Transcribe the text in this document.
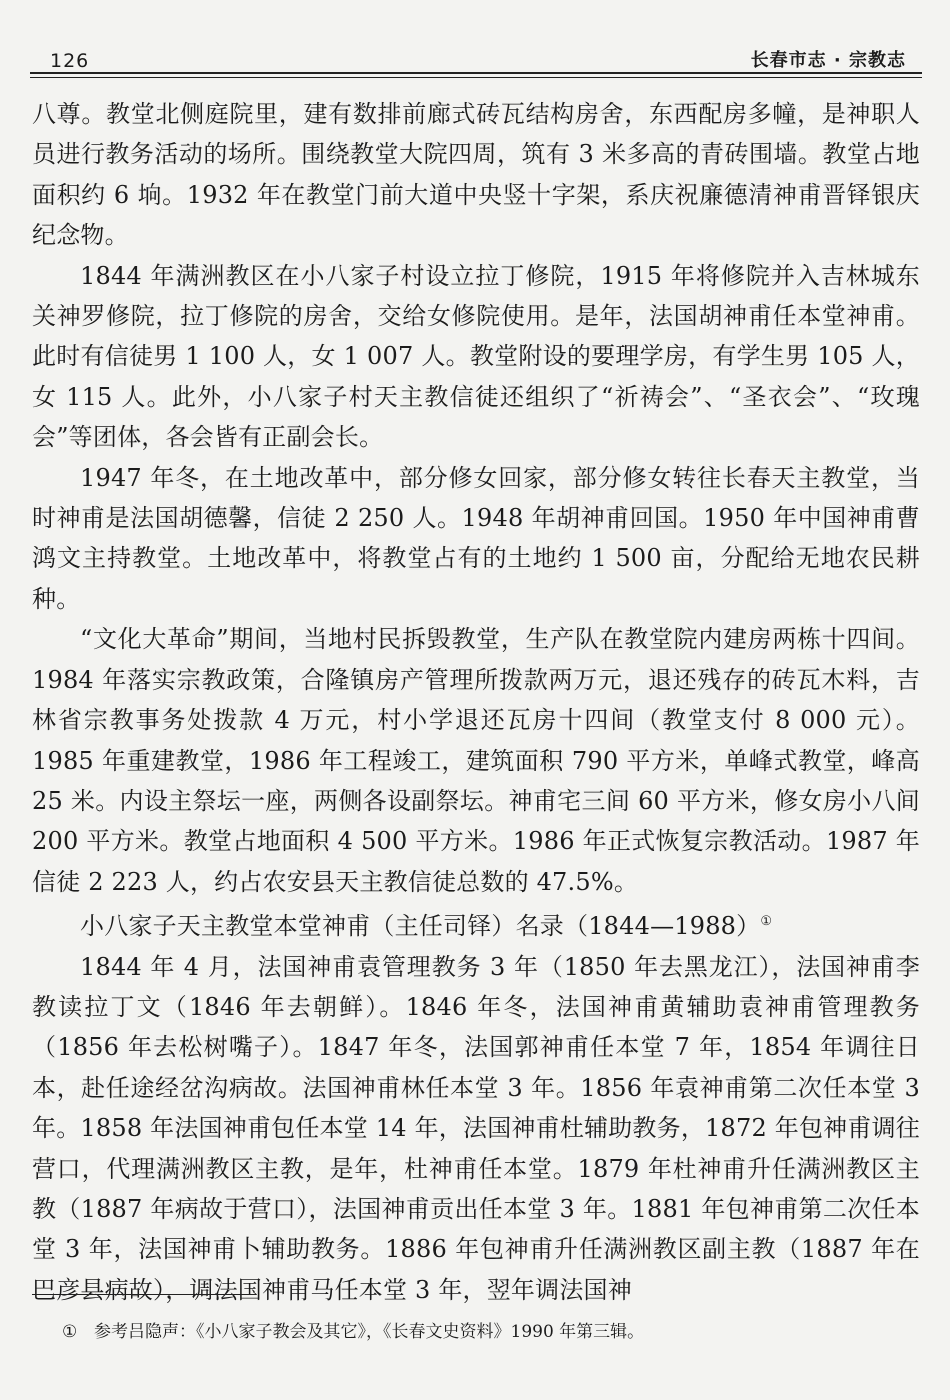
126	长春市志 · 宗教志

八尊。教堂北侧庭院里，建有数排前廊式砖瓦结构房舍，东西配房多幢，是神职人员进行教务活动的场所。围绕教堂大院四周，筑有 3 米多高的青砖围墙。教堂占地面积约 6 垧。1932 年在教堂门前大道中央竖十字架，系庆祝廉德清神甫晋铎银庆纪念物。

1844 年满洲教区在小八家子村设立拉丁修院，1915 年将修院并入吉林城东关神罗修院，拉丁修院的房舍，交给女修院使用。是年，法国胡神甫任本堂神甫。此时有信徒男 1 100 人，女 1 007 人。教堂附设的要理学房，有学生男 105 人，女 115 人。此外，小八家子村天主教信徒还组织了“祈祷会”、“圣衣会”、“玫瑰会”等团体，各会皆有正副会长。

1947 年冬，在土地改革中，部分修女回家，部分修女转往长春天主教堂，当时神甫是法国胡德馨，信徒 2 250 人。1948 年胡神甫回国。1950 年中国神甫曹鸿文主持教堂。土地改革中，将教堂占有的土地约 1 500 亩，分配给无地农民耕种。

“文化大革命”期间，当地村民拆毁教堂，生产队在教堂院内建房两栋十四间。1984 年落实宗教政策，合隆镇房产管理所拨款两万元，退还残存的砖瓦木料，吉林省宗教事务处拨款 4 万元，村小学退还瓦房十四间（教堂支付 8 000 元）。1985 年重建教堂，1986 年工程竣工，建筑面积 790 平方米，单峰式教堂，峰高 25 米。内设主祭坛一座，两侧各设副祭坛。神甫宅三间 60 平方米，修女房小八间 200 平方米。教堂占地面积 4 500 平方米。1986 年正式恢复宗教活动。1987 年信徒 2 223 人，约占农安县天主教信徒总数的 47.5%。

小八家子天主教堂本堂神甫（主任司铎）名录（1844—1988）①

1844 年 4 月，法国神甫袁管理教务 3 年（1850 年去黑龙江），法国神甫李教读拉丁文（1846 年去朝鲜）。1846 年冬，法国神甫黄辅助袁神甫管理教务（1856 年去松树嘴子）。1847 年冬，法国郭神甫任本堂 7 年，1854 年调往日本，赴任途经岔沟病故。法国神甫林任本堂 3 年。1856 年袁神甫第二次任本堂 3 年。1858 年法国神甫包任本堂 14 年，法国神甫杜辅助教务，1872 年包神甫调往营口，代理满洲教区主教，是年，杜神甫任本堂。1879 年杜神甫升任满洲教区主教（1887 年病故于营口），法国神甫贡出任本堂 3 年。1881 年包神甫第二次任本堂 3 年，法国神甫卜辅助教务。1886 年包神甫升任满洲教区副主教（1887 年在巴彦县病故），调法国神甫马任本堂 3 年，翌年调法国神

① 参考吕隐声：《小八家子教会及其它》，《长春文史资料》1990 年第三辑。
